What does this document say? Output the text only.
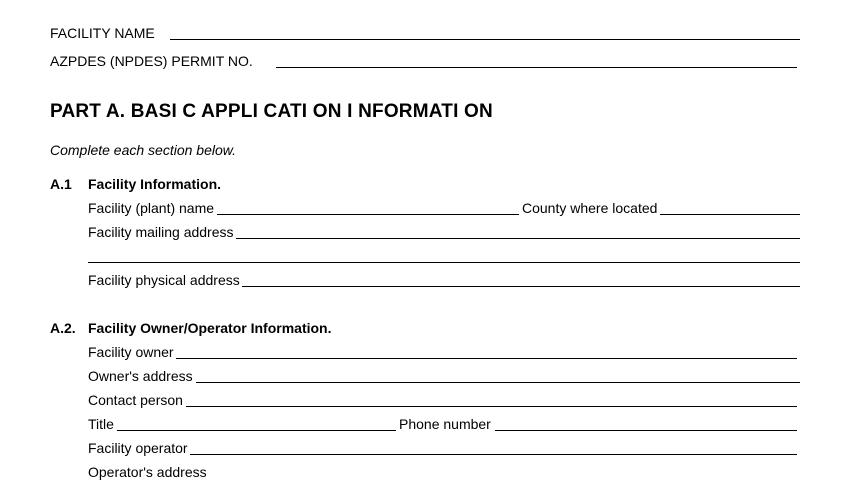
FACILITY NAME
AZPDES (NPDES) PERMIT NO.
PART A. BASI C APPLI CATI ON I NFORMATI ON
Complete each section below.
A.1 Facility Information.
Facility (plant) name	County where located
Facility mailing address
Facility physical address
A.2. Facility Owner/Operator Information.
Facility owner
Owner's address
Contact person
Title	Phone number
Facility operator
Operator's address
